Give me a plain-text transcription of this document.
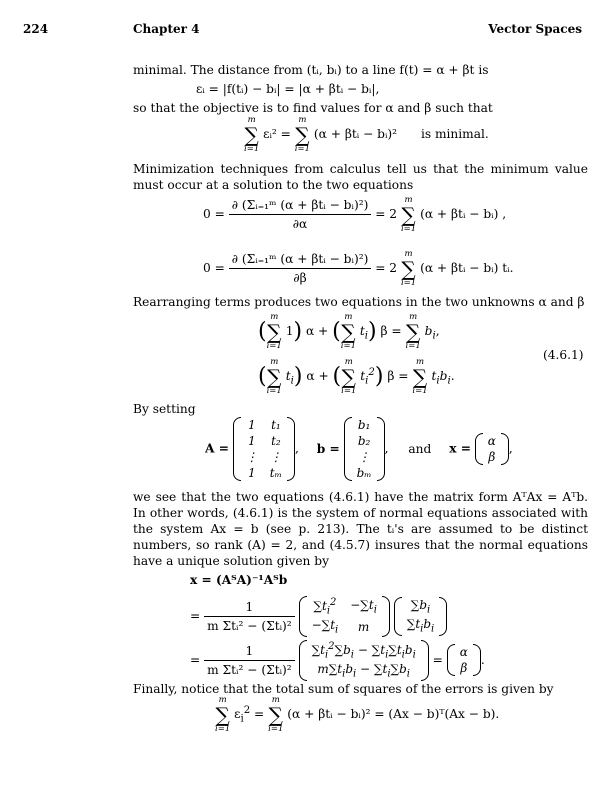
224	Chapter 4	Vector Spaces
minimal. The distance from (tᵢ, bᵢ) to a line f(t) = α + βt is
εᵢ = |f(tᵢ) − bᵢ| = |α + βtᵢ − bᵢ|,
so that the objective is to find values for α and β such that
m
∑
i=1
εᵢ² =
m
∑
i=1
(α + βtᵢ − bᵢ)² is minimal.
Minimization techniques from calculus tell us that the minimum value must occur at a solution to the two equations
$0 = \frac{\text{∂ (Σᵢ₌₁ᵐ (α + βtᵢ − bᵢ)²)}}{\partial\alpha} = 2$
m
∑
i=1
(α + βtᵢ − bᵢ) ,
$0 = \frac{\text{∂ (Σᵢ₌₁ᵐ (α + βtᵢ − bᵢ)²)}}{\partial\beta} = 2$
m
∑
i=1
(α + βtᵢ − bᵢ) tᵢ.
Rearranging terms produces two equations in the two unknowns α and β
(
m
∑
i=1
1) α + (
m
∑
i=1
$t_i$) β =
m
∑
i=1
$b_i$,
(
m
∑
i=1
$t_i$) α + (
m
∑
i=1
$t_i^2$) β =
m
∑
i=1
$t_ib_i$.
(4.6.1)
By setting
A =
1	t₁
1	t₂
⋮	⋮
1	tₘ
, b =
b₁
b₂
⋮
bₘ
, and x =
α
β
,
we see that the two equations (4.6.1) have the matrix form AᵀAx = Aᵀb. In other words, (4.6.1) is the system of normal equations associated with the system Ax = b (see p. 213). The tᵢ's are assumed to be distinct numbers, so rank (A) = 2, and (4.5.7) insures that the normal equations have a unique solution given by
x = (AᵀA)⁻¹Aᵀb
= $\frac{1}{\text{m Σtᵢ² − (Σtᵢ)²}}$
$\sum t_i^2$	$-\sum t_i$
$-\sum t_i$	m

$\sum b_i$
$\sum t_ib_i$
= $\frac{1}{\text{m Σtᵢ² − (Σtᵢ)²}}$
$\sum t_i^2\sum b_i - \sum t_i\sum t_ib_i$
$m\sum t_ib_i - \sum t_i\sum b_i$
=
α
β
.
Finally, notice that the total sum of squares of the errors is given by
m
∑
i=1
$\varepsilon_i^2$ =
m
∑
i=1
(α + βtᵢ − bᵢ)² = (Ax − b)ᵀ(Ax − b).
